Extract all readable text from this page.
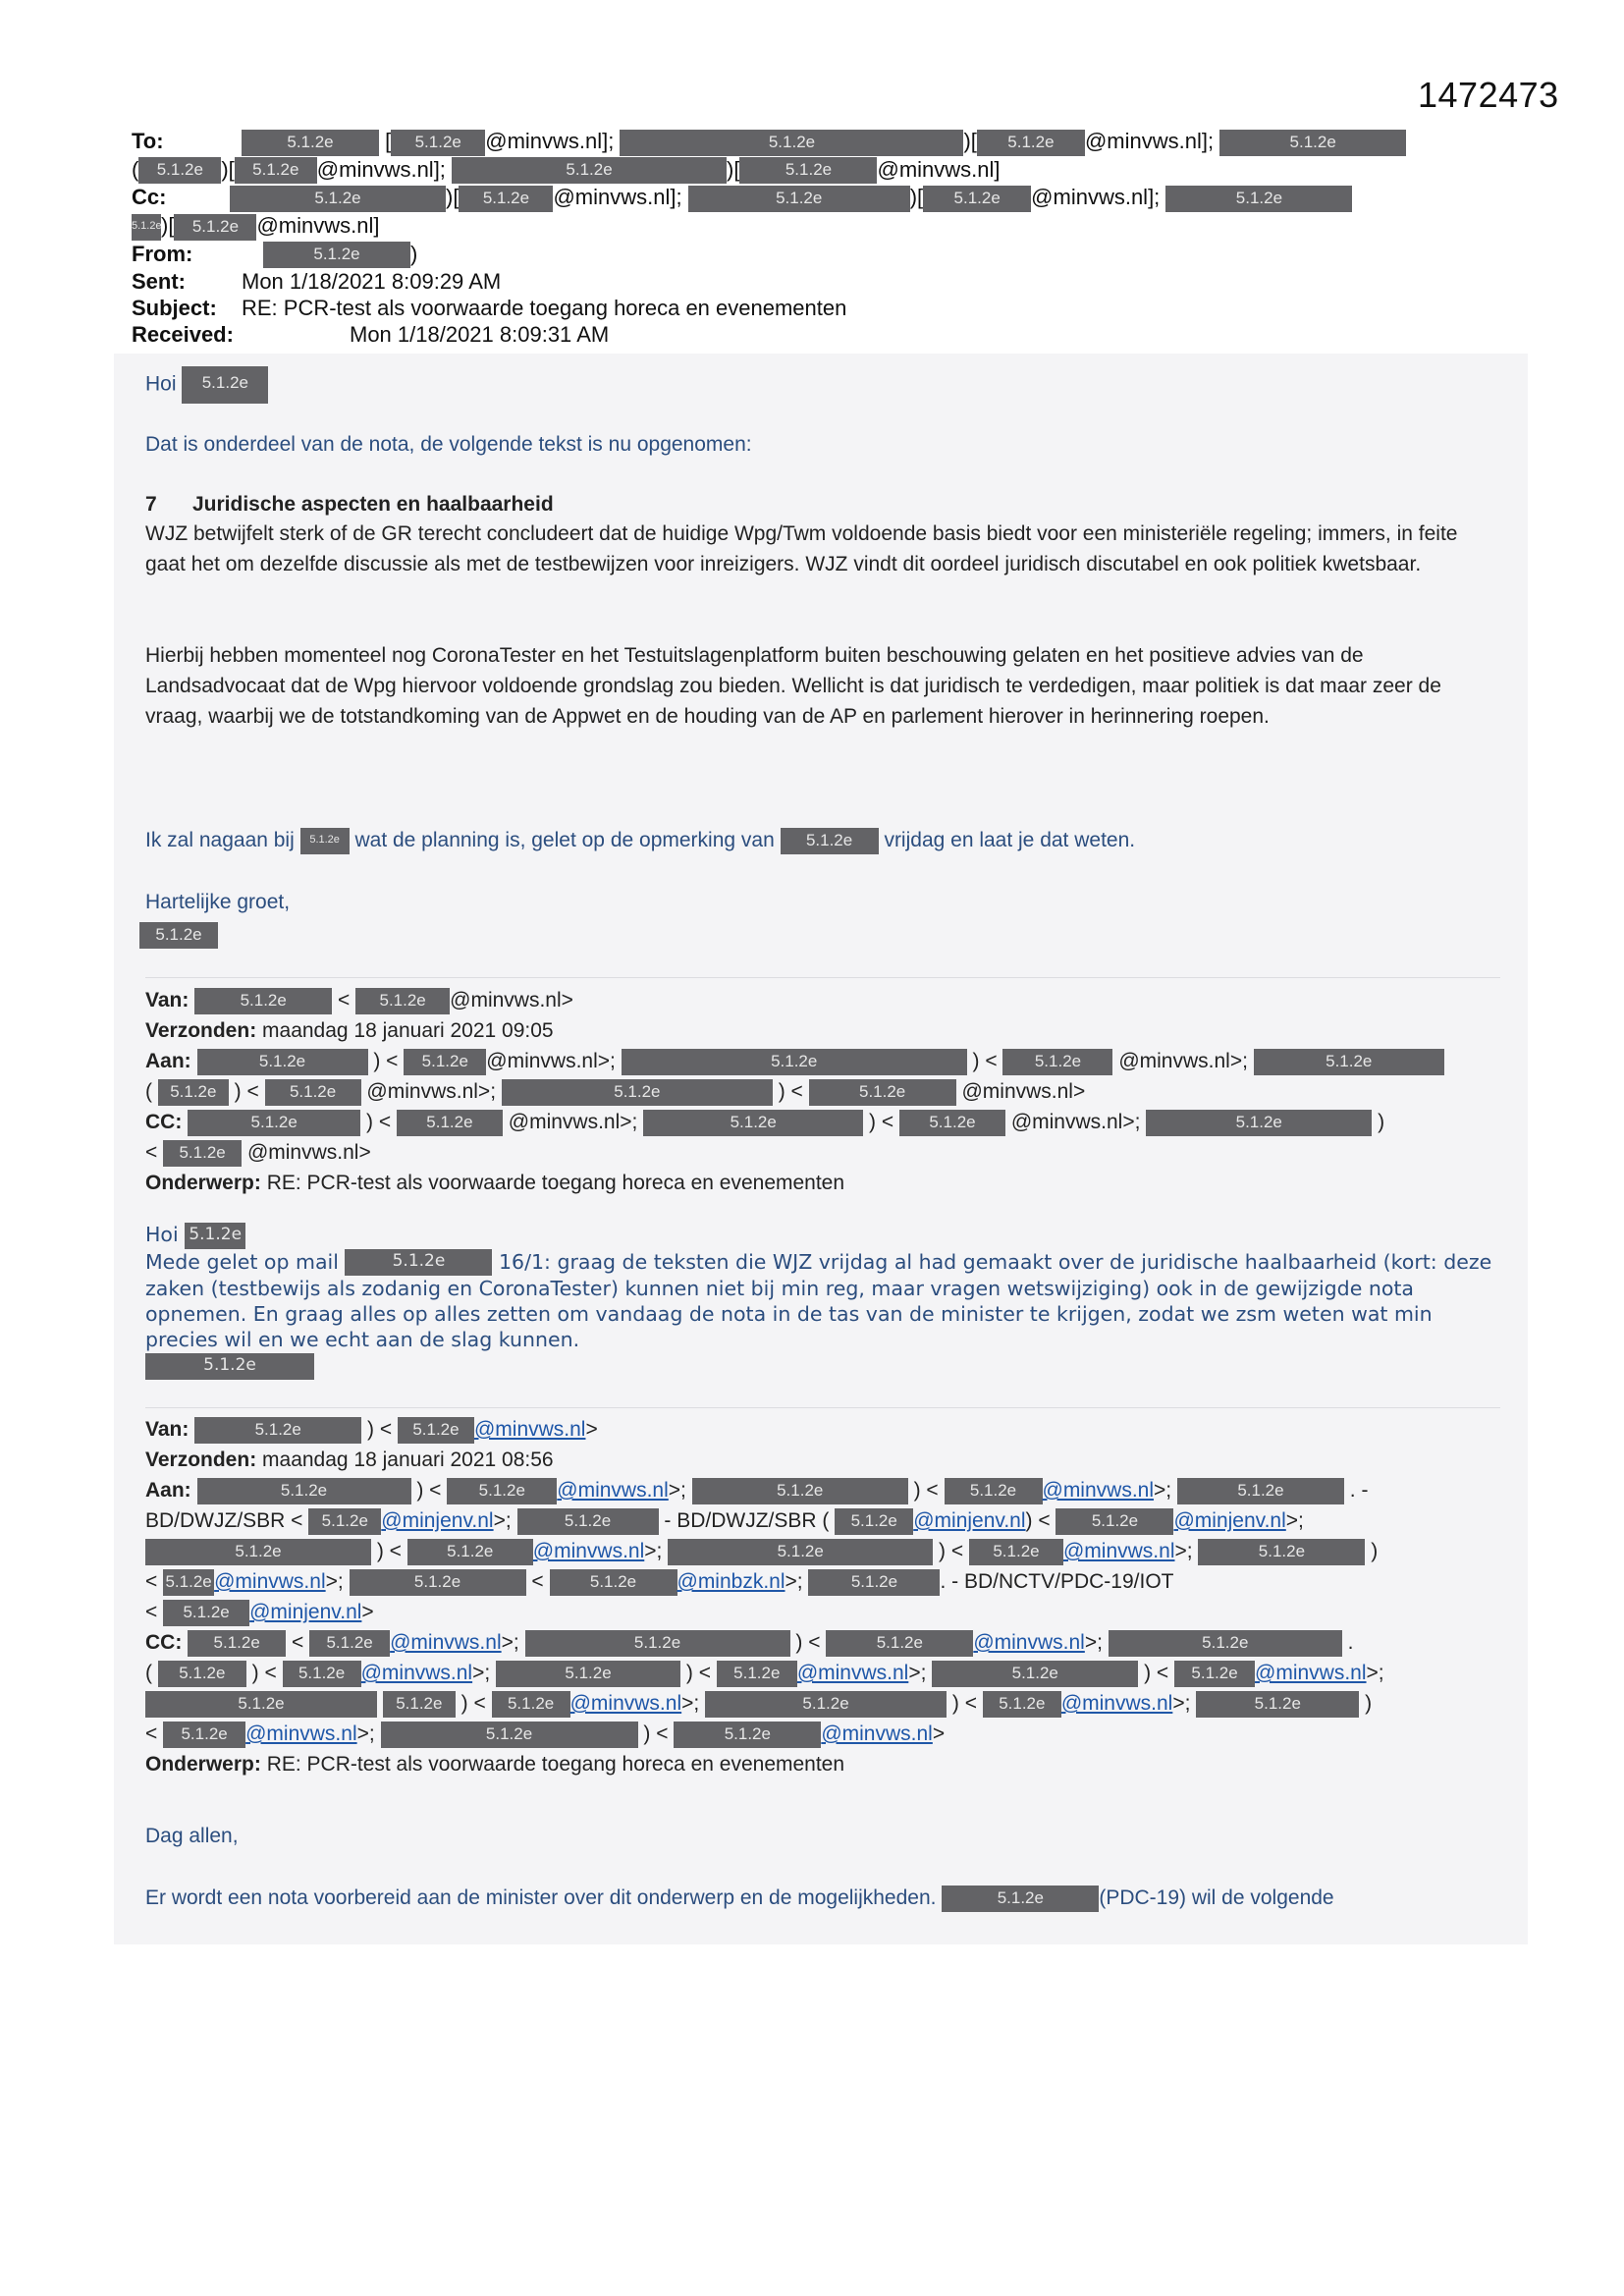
1472473
To:	5.1.2e [ 5.1.2e @minvws.nl];	5.1.2e	)[ 5.1.2e @minvws.nl];	5.1.2e
( 5.1.2e )[ 5.1.2e @minvws.nl];	5.1.2e	)[	5.1.2e @minvws.nl]
Cc:	5.1.2e	)[ 5.1.2e @minvws.nl];	5.1.2e	)[ 5.1.2e @minvws.nl];	5.1.2e
5.1.2e)[ 5.1.2e @minvws.nl]
From:	5.1.2e )
Sent:	Mon 1/18/2021 8:09:29 AM
Subject: RE: PCR-test als voorwaarde toegang horeca en evenementen
Received:	Mon 1/18/2021 8:09:31 AM
Hoi 5.1.2e
Dat is onderdeel van de nota, de volgende tekst is nu opgenomen:
7 Juridische aspecten en haalbaarheid
WJZ betwijfelt sterk of de GR terecht concludeert dat de huidige Wpg/Twm voldoende basis biedt voor een ministeriële regeling; immers, in feite gaat het om dezelfde discussie als met de testbewijzen voor inreizigers. WJZ vindt dit oordeel juridisch discutabel en ook politiek kwetsbaar.
Hierbij hebben momenteel nog CoronaTester en het Testuitslagenplatform buiten beschouwing gelaten en het positieve advies van de Landsadvocaat dat de Wpg hiervoor voldoende grondslag zou bieden. Wellicht is dat juridisch te verdedigen, maar politiek is dat maar zeer de vraag, waarbij we de totstandkoming van de Appwet en de houding van de AP en parlement hierover in herinnering roepen.
Ik zal nagaan bij 5.1.2e wat de planning is, gelet op de opmerking van 5.1.2e vrijdag en laat je dat weten.
Hartelijke groet,
5.1.2e
Van:	5.1.2e < 5.1.2e @minvws.nl>
Verzonden: maandag 18 januari 2021 09:05
Aan:	5.1.2e	) < 5.1.2e @minvws.nl>;	5.1.2e	) < 5.1.2e @minvws.nl>;	5.1.2e
( 5.1.2e ) < 5.1.2e @minvws.nl>;	5.1.2e	) <	5.1.2e @minvws.nl>
CC:	5.1.2e	) < 5.1.2e @minvws.nl>;	5.1.2e	) < 5.1.2e @minvws.nl>;	5.1.2e	)
< 5.1.2e @minvws.nl>
Onderwerp: RE: PCR-test als voorwaarde toegang horeca en evenementen
Hoi 5.1.2e
Mede gelet op mail	5.1.2e	16/1: graag de teksten die WJZ vrijdag al had gemaakt over de juridische haalbaarheid (kort: deze zaken (testbewijs als zodanig en CoronaTester) kunnen niet bij min reg, maar vragen wetswijziging) ook in de gewijzigde nota opnemen. En graag alles op alles zetten om vandaag de nota in de tas van de minister te krijgen, zodat we zsm weten wat min precies wil en we echt aan de slag kunnen.
5.1.2e
Van:	5.1.2e	) < 5.1.2e @minvws.nl>
Verzonden: maandag 18 januari 2021 08:56
Aan:	5.1.2e	) < 5.1.2e @minvws.nl>;	5.1.2e	) < 5.1.2e @minvws.nl>;	5.1.2e	. -
BD/DWJZ/SBR < 5.1.2e @minjenv.nl>;	5.1.2e	- BD/DWJZ/SBR ( 5.1.2e @minjenv.nl) < 5.1.2e @minjenv.nl>;
5.1.2e	) < 5.1.2e @minvws.nl>;	5.1.2e	) < 5.1.2e @minvws.nl>;	5.1.2e	)
< 5.1.2e @minvws.nl>;	5.1.2e	< 5.1.2e @minbzk.nl>;	5.1.2e . - BD/NCTV/PDC-19/IOT
< 5.1.2e @minjenv.nl>
CC: 5.1.2e < 5.1.2e @minvws.nl>;	5.1.2e	) <	5.1.2e @minvws.nl>;	5.1.2e	.
( 5.1.2e ) < 5.1.2e @minvws.nl>;	5.1.2e	) < 5.1.2e @minvws.nl>;	5.1.2e	) < 5.1.2e @minvws.nl>;
5.1.2e	5.1.2e ) < 5.1.2e @minvws.nl>;	5.1.2e	) < 5.1.2e @minvws.nl>;	5.1.2e	)
< 5.1.2e @minvws.nl>;	5.1.2e	) <	5.1.2e @minvws.nl>
Onderwerp: RE: PCR-test als voorwaarde toegang horeca en evenementen
Dag allen,
Er wordt een nota voorbereid aan de minister over dit onderwerp en de mogelijkheden.	5.1.2e	(PDC-19) wil de volgende
